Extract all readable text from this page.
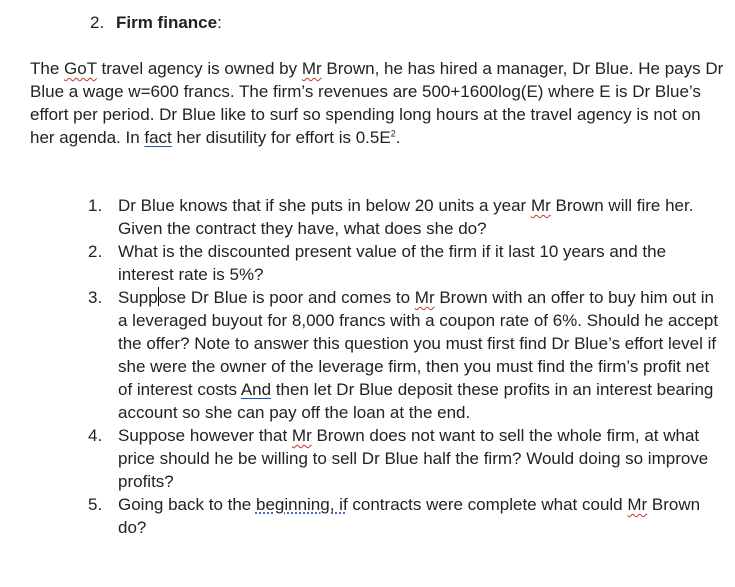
2. Firm finance:

The GoT travel agency is owned by Mr Brown, he has hired a manager, Dr Blue. He pays Dr Blue a wage w=600 francs. The firm’s revenues are 500+1600log(E) where E is Dr Blue’s effort per period. Dr Blue like to surf so spending long hours at the travel agency is not on her agenda. In fact her disutility for effort is $0.5E^2$.

1. Dr Blue knows that if she puts in below 20 units a year Mr Brown will fire her. Given the contract they have, what does she do?
2. What is the discounted present value of the firm if it last 10 years and the interest rate is 5%?
3. Suppose Dr Blue is poor and comes to Mr Brown with an offer to buy him out in a leveraged buyout for 8,000 francs with a coupon rate of 6%. Should he accept the offer? Note to answer this question you must first find Dr Blue’s effort level if she were the owner of the leverage firm, then you must find the firm’s profit net of interest costs And then let Dr Blue deposit these profits in an interest bearing account so she can pay off the loan at the end.
4. Suppose however that Mr Brown does not want to sell the whole firm, at what price should he be willing to sell Dr Blue half the firm? Would doing so improve profits?
5. Going back to the beginning, if contracts were complete what could Mr Brown do?
